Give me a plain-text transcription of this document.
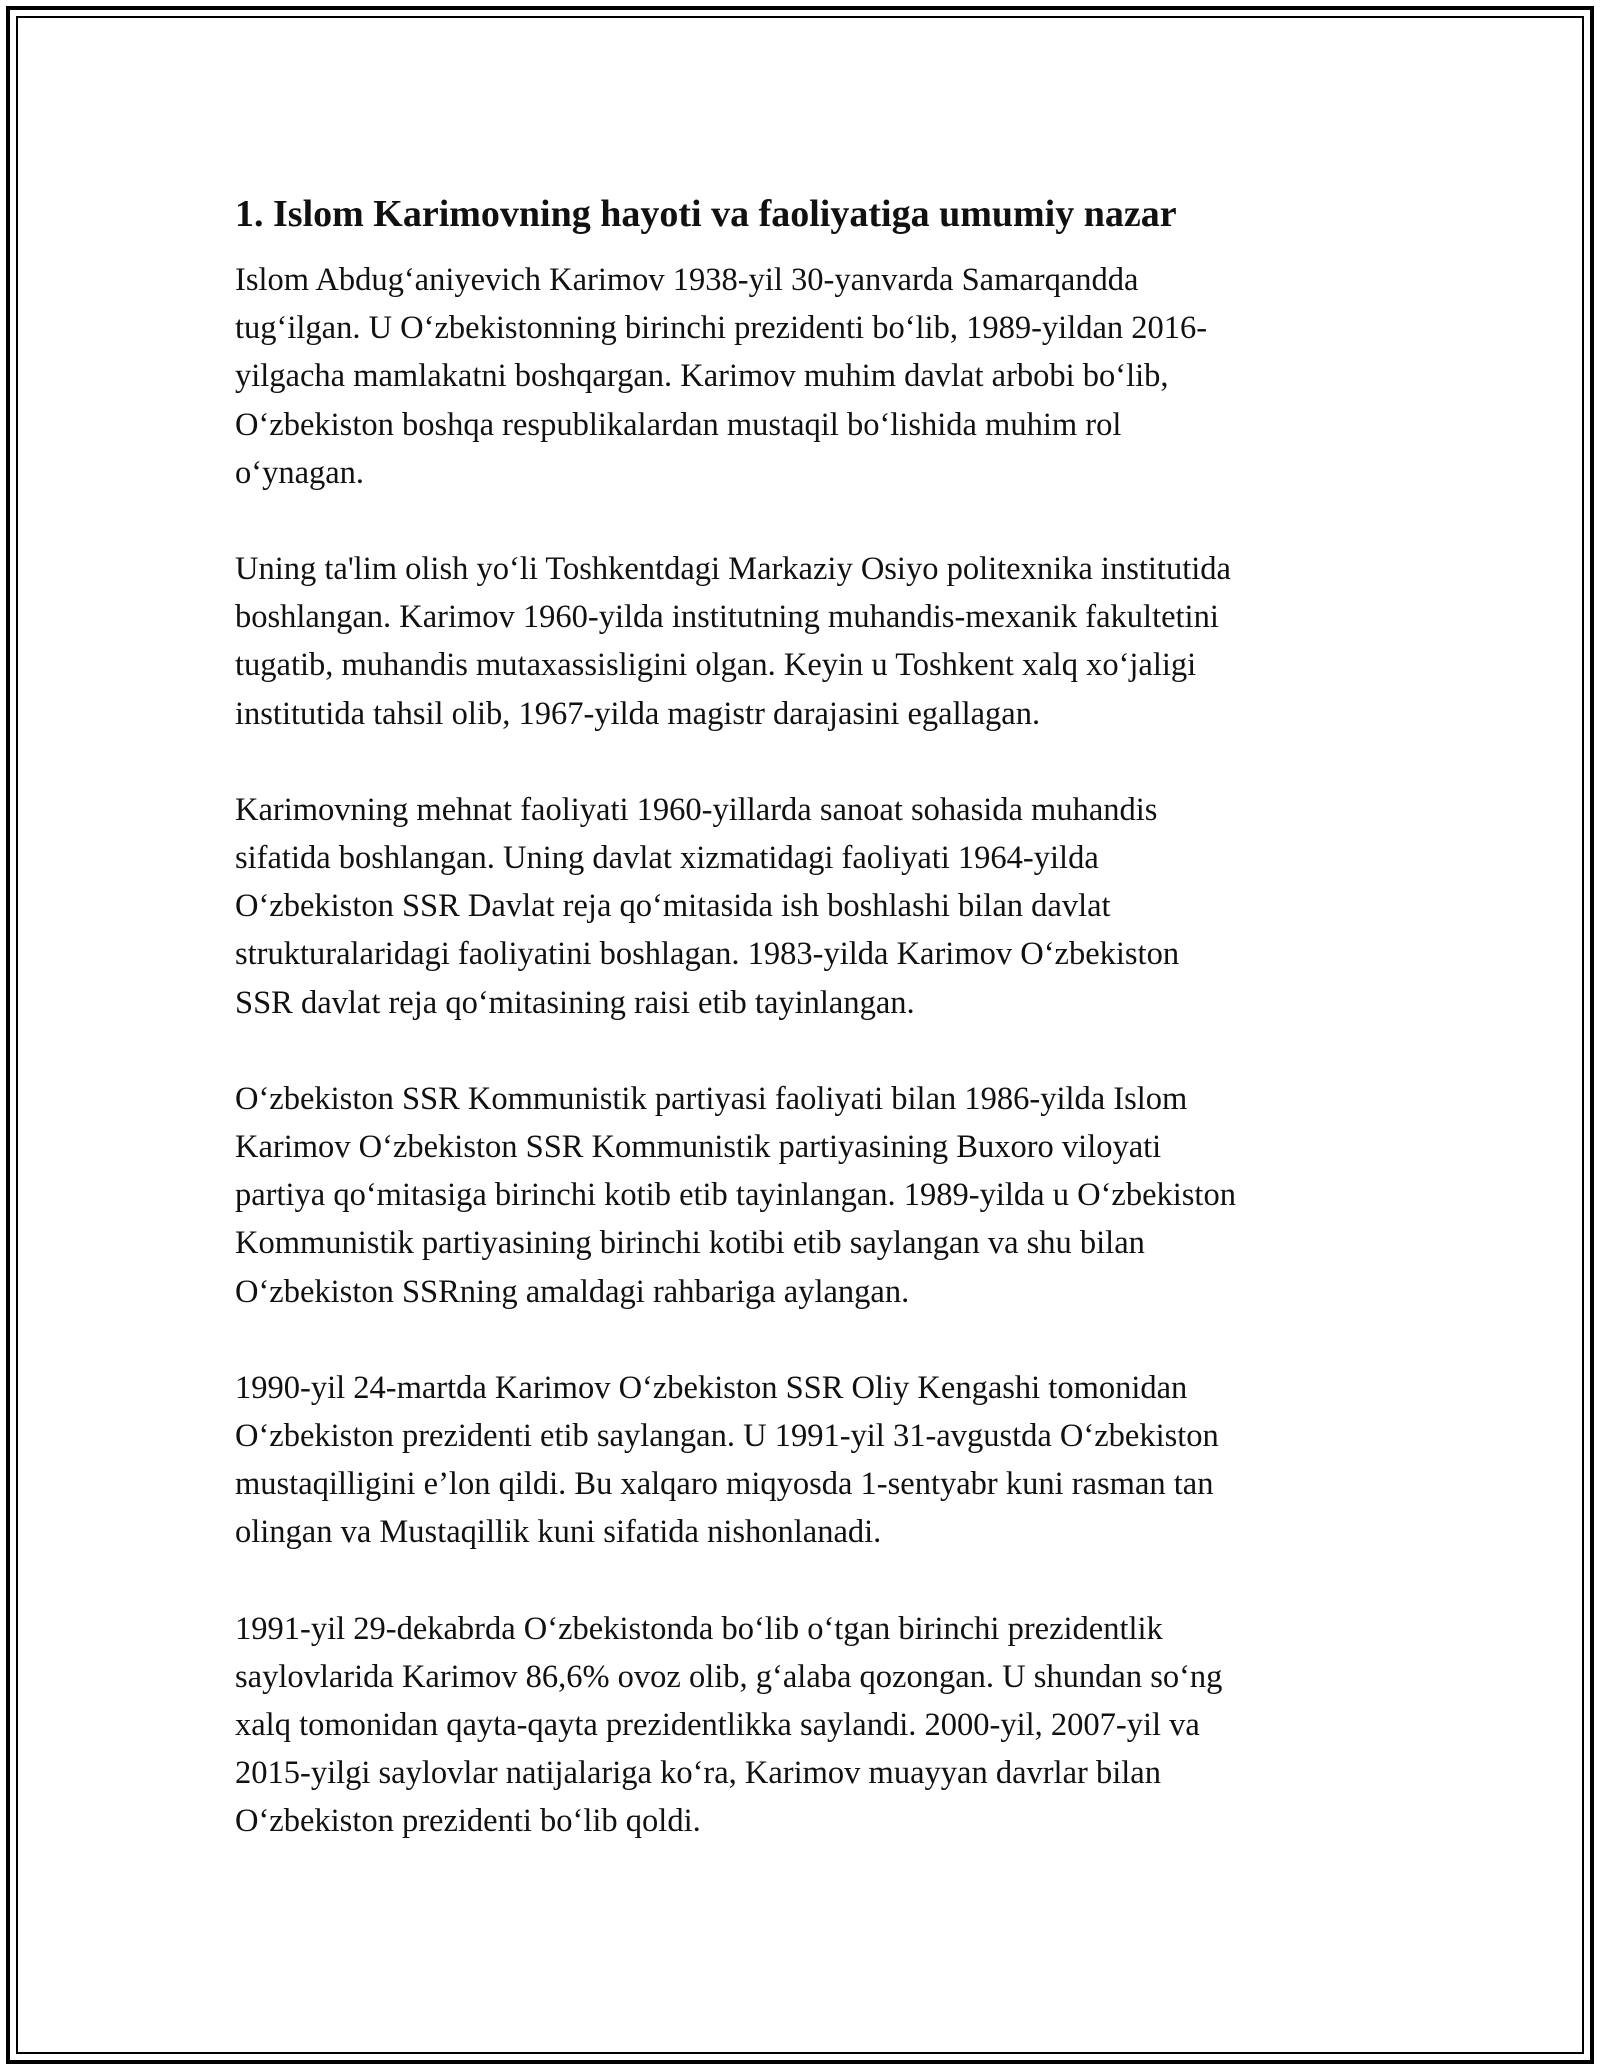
1. Islom Karimovning hayoti va faoliyatiga umumiy nazar

Islom Abdug‘aniyevich Karimov 1938-yil 30-yanvarda Samarqandda
tug‘ilgan. U O‘zbekistonning birinchi prezidenti bo‘lib, 1989-yildan 2016-
yilgacha mamlakatni boshqargan. Karimov muhim davlat arbobi bo‘lib,
O‘zbekiston boshqa respublikalardan mustaqil bo‘lishida muhim rol
o‘ynagan.

Uning ta'lim olish yo‘li Toshkentdagi Markaziy Osiyo politexnika institutida
boshlangan. Karimov 1960-yilda institutning muhandis-mexanik fakultetini
tugatib, muhandis mutaxassisligini olgan. Keyin u Toshkent xalq xo‘jaligi
institutida tahsil olib, 1967-yilda magistr darajasini egallagan.

Karimovning mehnat faoliyati 1960-yillarda sanoat sohasida muhandis
sifatida boshlangan. Uning davlat xizmatidagi faoliyati 1964-yilda
O‘zbekiston SSR Davlat reja qo‘mitasida ish boshlashi bilan davlat
strukturalaridagi faoliyatini boshlagan. 1983-yilda Karimov O‘zbekiston
SSR davlat reja qo‘mitasining raisi etib tayinlangan.

O‘zbekiston SSR Kommunistik partiyasi faoliyati bilan 1986-yilda Islom
Karimov O‘zbekiston SSR Kommunistik partiyasining Buxoro viloyati
partiya qo‘mitasiga birinchi kotib etib tayinlangan. 1989-yilda u O‘zbekiston
Kommunistik partiyasining birinchi kotibi etib saylangan va shu bilan
O‘zbekiston SSRning amaldagi rahbariga aylangan.

1990-yil 24-martda Karimov O‘zbekiston SSR Oliy Kengashi tomonidan
O‘zbekiston prezidenti etib saylangan. U 1991-yil 31-avgustda O‘zbekiston
mustaqilligini e’lon qildi. Bu xalqaro miqyosda 1-sentyabr kuni rasman tan
olingan va Mustaqillik kuni sifatida nishonlanadi.

1991-yil 29-dekabrda O‘zbekistonda bo‘lib o‘tgan birinchi prezidentlik
saylovlarida Karimov 86,6% ovoz olib, g‘alaba qozongan. U shundan so‘ng
xalq tomonidan qayta-qayta prezidentlikka saylandi. 2000-yil, 2007-yil va
2015-yilgi saylovlar natijalariga ko‘ra, Karimov muayyan davrlar bilan
O‘zbekiston prezidenti bo‘lib qoldi.
